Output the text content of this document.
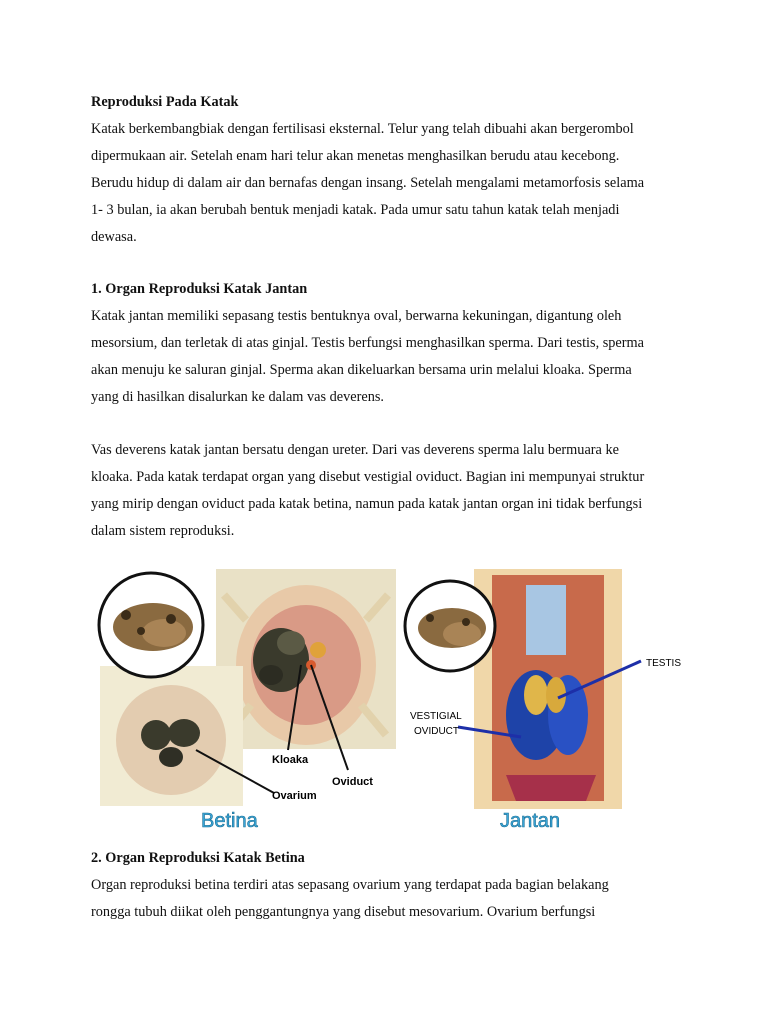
Reproduksi Pada Katak

Katak berkembangbiak dengan fertilisasi eksternal. Telur yang telah dibuahi akan bergerombol

dipermukaan air. Setelah enam hari telur akan menetas menghasilkan berudu atau kecebong.

Berudu hidup di dalam air dan bernafas dengan insang. Setelah mengalami metamorfosis selama

1- 3 bulan, ia akan berubah bentuk menjadi katak. Pada umur satu tahun katak telah menjadi

dewasa.

1. Organ Reproduksi Katak Jantan

Katak jantan memiliki sepasang testis bentuknya oval, berwarna kekuningan, digantung oleh

mesorsium, dan terletak di atas ginjal. Testis berfungsi menghasilkan sperma. Dari testis, sperma

akan menuju ke saluran ginjal. Sperma akan dikeluarkan bersama urin melalui kloaka. Sperma

yang di hasilkan disalurkan ke dalam vas deverens.

Vas deverens katak jantan bersatu dengan ureter. Dari vas deverens sperma lalu bermuara ke

kloaka. Pada katak terdapat organ yang disebut vestigial oviduct. Bagian ini mempunyai struktur

yang mirip dengan oviduct pada katak betina, namun pada katak jantan organ ini tidak berfungsi

dalam sistem reproduksi.

Kloaka
Oviduct
Ovarium
Betina
TESTIS
VESTIGIAL
OVIDUCT
Jantan

2. Organ Reproduksi Katak Betina

Organ reproduksi betina terdiri atas sepasang ovarium yang terdapat pada bagian belakang

rongga tubuh diikat oleh penggantungnya yang disebut mesovarium. Ovarium berfungsi
